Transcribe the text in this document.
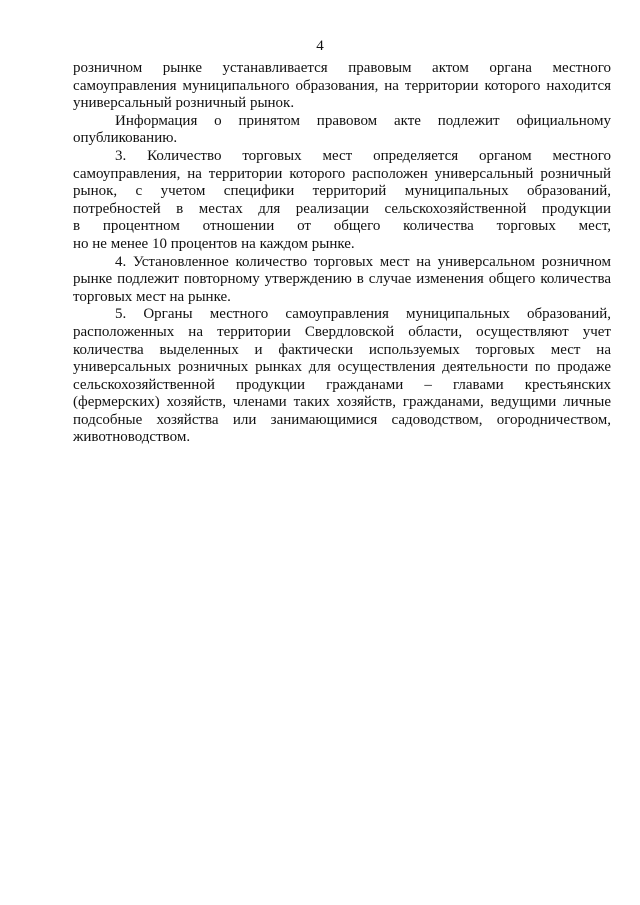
4
розничном рынке устанавливается правовым актом органа местного
самоуправления муниципального образования, на территории которого находится
универсальный розничный рынок.
Информация о принятом правовом акте подлежит официальному
опубликованию.
3. Количество торговых мест определяется органом местного
самоуправления, на территории которого расположен универсальный розничный
рынок, с учетом специфики территорий муниципальных образований,
потребностей в местах для реализации сельскохозяйственной продукции
в процентном отношении от общего количества торговых мест,
но не менее 10 процентов на каждом рынке.
4. Установленное количество торговых мест на универсальном розничном
рынке подлежит повторному утверждению в случае изменения общего количества
торговых мест на рынке.
5. Органы местного самоуправления муниципальных образований,
расположенных на территории Свердловской области, осуществляют учет
количества выделенных и фактически используемых торговых мест на
универсальных розничных рынках для осуществления деятельности по продаже
сельскохозяйственной продукции гражданами – главами крестьянских
(фермерских) хозяйств, членами таких хозяйств, гражданами, ведущими личные
подсобные хозяйства или занимающимися садоводством, огородничеством,
животноводством.
